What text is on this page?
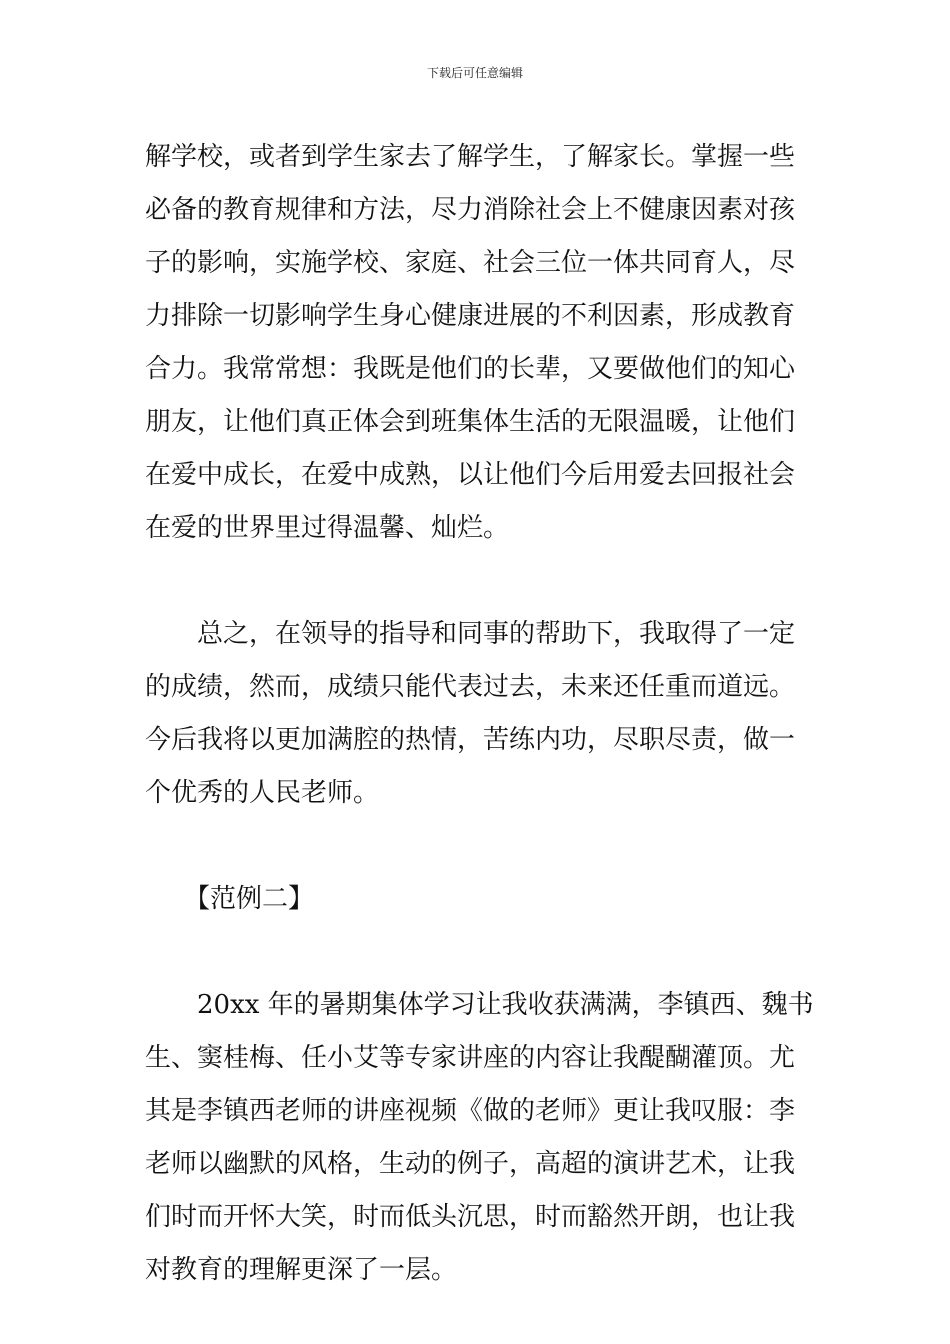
下载后可任意编辑
解学校，或者到学生家去了解学生，了解家长。掌握一些
必备的教育规律和方法，尽力消除社会上不健康因素对孩
子的影响，实施学校、家庭、社会三位一体共同育人，尽
力排除一切影响学生身心健康进展的不利因素，形成教育
合力。我常常想：我既是他们的长辈，又要做他们的知心
朋友，让他们真正体会到班集体生活的无限温暖，让他们
在爱中成长，在爱中成熟，以让他们今后用爱去回报社会
在爱的世界里过得温馨、灿烂。
　　总之，在领导的指导和同事的帮助下，我取得了一定
的成绩，然而，成绩只能代表过去，未来还任重而道远。
今后我将以更加满腔的热情，苦练内功，尽职尽责，做一
个优秀的人民老师。
　　【范例二】
　　20xx 年的暑期集体学习让我收获满满，李镇西、魏书
生、窦桂梅、任小艾等专家讲座的内容让我醍醐灌顶。尤
其是李镇西老师的讲座视频《做的老师》更让我叹服：李
老师以幽默的风格，生动的例子，高超的演讲艺术，让我
们时而开怀大笑，时而低头沉思，时而豁然开朗，也让我
对教育的理解更深了一层。
